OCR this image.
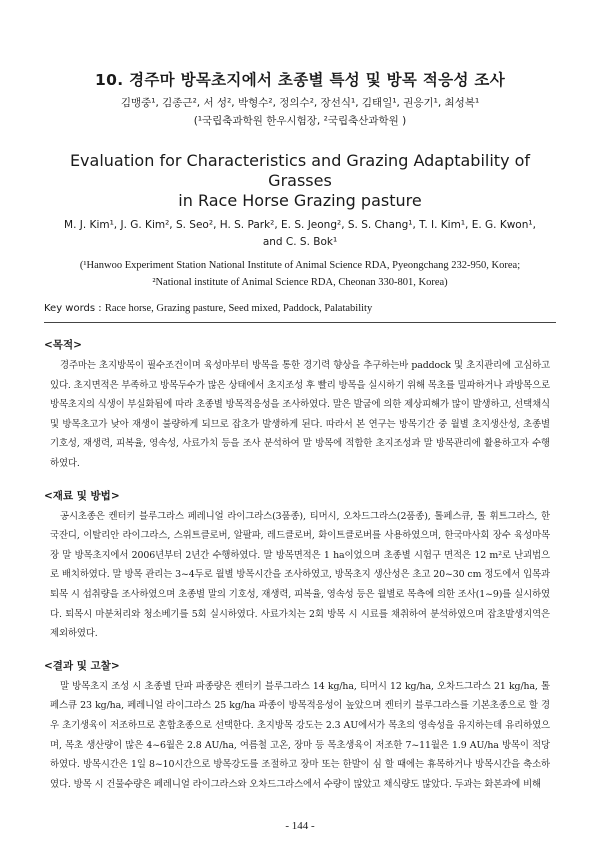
10. 경주마 방목초지에서 초종별 특성 및 방목 적응성 조사

김맹중¹, 김종근², 서 성², 박형수², 정의수², 장선식¹, 김태일¹, 권응기¹, 최성복¹

(¹국립축과학원 한우시험장, ²국립축산과학원 )

Evaluation for Characteristics and Grazing Adaptability of Grasses
in Race Horse Grazing pasture

M. J. Kim¹, J. G. Kim², S. Seo², H. S. Park², E. S. Jeong², S. S. Chang¹, T. I. Kim¹, E. G. Kwon¹,
and C. S. Bok¹

(¹Hanwoo Experiment Station National Institute of Animal Science RDA, Pyeongchang 232-950, Korea;
²National institute of Animal Science RDA, Cheonan 330-801, Korea)

Key words : Race horse, Grazing pasture, Seed mixed, Paddock, Palatability
<목적>

경주마는 초지방목이 필수조건이며 육성마부터 방목을 통한 경기력 향상을 추구하는바 paddock 및 초지관리에 고심하고 있다. 초지면적은 부족하고 방목두수가 많은 상태에서 초지조성 후 빨리 방목을 실시하기 위해 목초를 밀파하거나 과방목으로 방목초지의 식생이 부실화됨에 따라 초종별 방목적응성을 조사하였다. 말은 발굽에 의한 제상피해가 많이 발생하고, 선택채식 및 방목초고가 낮아 재생이 불량하게 되므로 잡초가 발생하게 된다. 따라서 본 연구는 방목기간 중 월별 초지생산성, 초종별 기호성, 재생력, 피복율, 영속성, 사료가치 등을 조사 분석하여 말 방목에 적합한 초지조성과 말 방목관리에 활용하고자 수행하였다.

<재료 및 방법>

공시초종은 켄터키 블루그라스 페레니얼 라이그라스(3품종), 티머시, 오차드그라스(2품종), 톨페스큐, 톨 휘트그라스, 한국잔디, 이탈리안 라이그라스, 스위트클로버, 알팔파, 레드클로버, 화이트클로버를 사용하였으며, 한국마사회 장수 육성마목장 말 방목초지에서 2006년부터 2년간 수행하였다. 말 방목면적은 1 ha이었으며 초종별 시험구 면적은 12 m²로 난괴법으로 배치하였다. 말 방목 관리는 3~4두로 월별 방목시간을 조사하였고, 방목초지 생산성은 초고 20~30 cm 정도에서 입목과 퇴목 시 섭취량을 조사하였으며 초종별 말의 기호성, 재생력, 피복율, 영속성 등은 월별로 목측에 의한 조사(1~9)를 실시하였다. 퇴목시 마분처리와 청소베기를 5회 실시하였다. 사료가치는 2회 방목 시 시료를 채취하여 분석하였으며 잡초발생지역은 제외하였다.

<결과 및 고찰>

말 방목초지 조성 시 초종별 단파 파종량은 켄터키 블루그라스 14 kg/ha, 티머시 12 kg/ha, 오차드그라스 21 kg/ha, 톨페스큐 23 kg/ha, 페레니얼 라이그라스 25 kg/ha 파종이 방목적응성이 높았으며 켄터키 블루그라스를 기본초종으로 할 경우 초기생육이 저조하므로 혼합초종으로 선택한다. 초지방목 강도는 2.3 AU에서가 목초의 영속성을 유지하는데 유리하였으며, 목초 생산량이 많은 4~6월은 2.8 AU/ha, 여름철 고온, 장마 등 목초생육이 저조한 7~11월은 1.9 AU/ha 방목이 적당하였다. 방목시간은 1일 8~10시간으로 방목강도를 조절하고 장마 또는 한발이 심 할 때에는 휴목하거나 방목시간을 축소하였다. 방목 시 건물수량은 페레니얼 라이그라스와 오차드그라스에서 수량이 많았고 채식량도 많았다. 두과는 화본과에 비해

- 144 -
